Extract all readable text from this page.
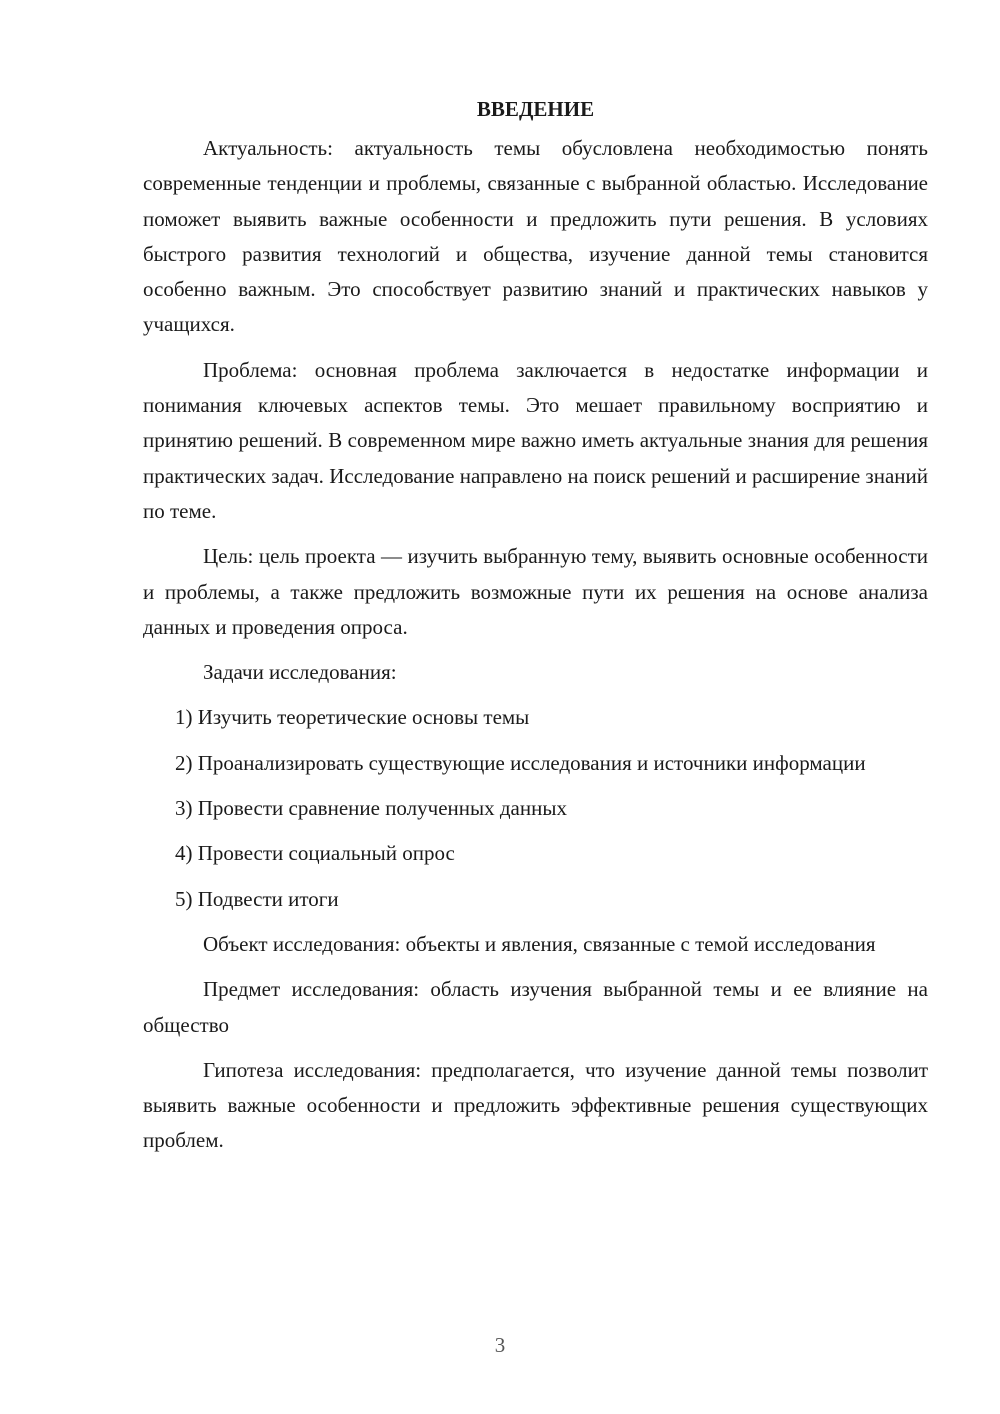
ВВЕДЕНИЕ

Актуальность: актуальность темы обусловлена необходимостью понять современные тенденции и проблемы, связанные с выбранной областью. Исследование поможет выявить важные особенности и предложить пути решения. В условиях быстрого развития технологий и общества, изучение данной темы становится особенно важным. Это способствует развитию знаний и практических навыков у учащихся.

Проблема: основная проблема заключается в недостатке информации и понимания ключевых аспектов темы. Это мешает правильному восприятию и принятию решений. В современном мире важно иметь актуальные знания для решения практических задач. Исследование направлено на поиск решений и расширение знаний по теме.

Цель: цель проекта — изучить выбранную тему, выявить основные особенности и проблемы, а также предложить возможные пути их решения на основе анализа данных и проведения опроса.

Задачи исследования:

1) Изучить теоретические основы темы

2) Проанализировать существующие исследования и источники информации

3) Провести сравнение полученных данных

4) Провести социальный опрос

5) Подвести итоги

Объект исследования: объекты и явления, связанные с темой исследования

Предмет исследования: область изучения выбранной темы и ее влияние на общество

Гипотеза исследования: предполагается, что изучение данной темы позволит выявить важные особенности и предложить эффективные решения существующих проблем.

3
